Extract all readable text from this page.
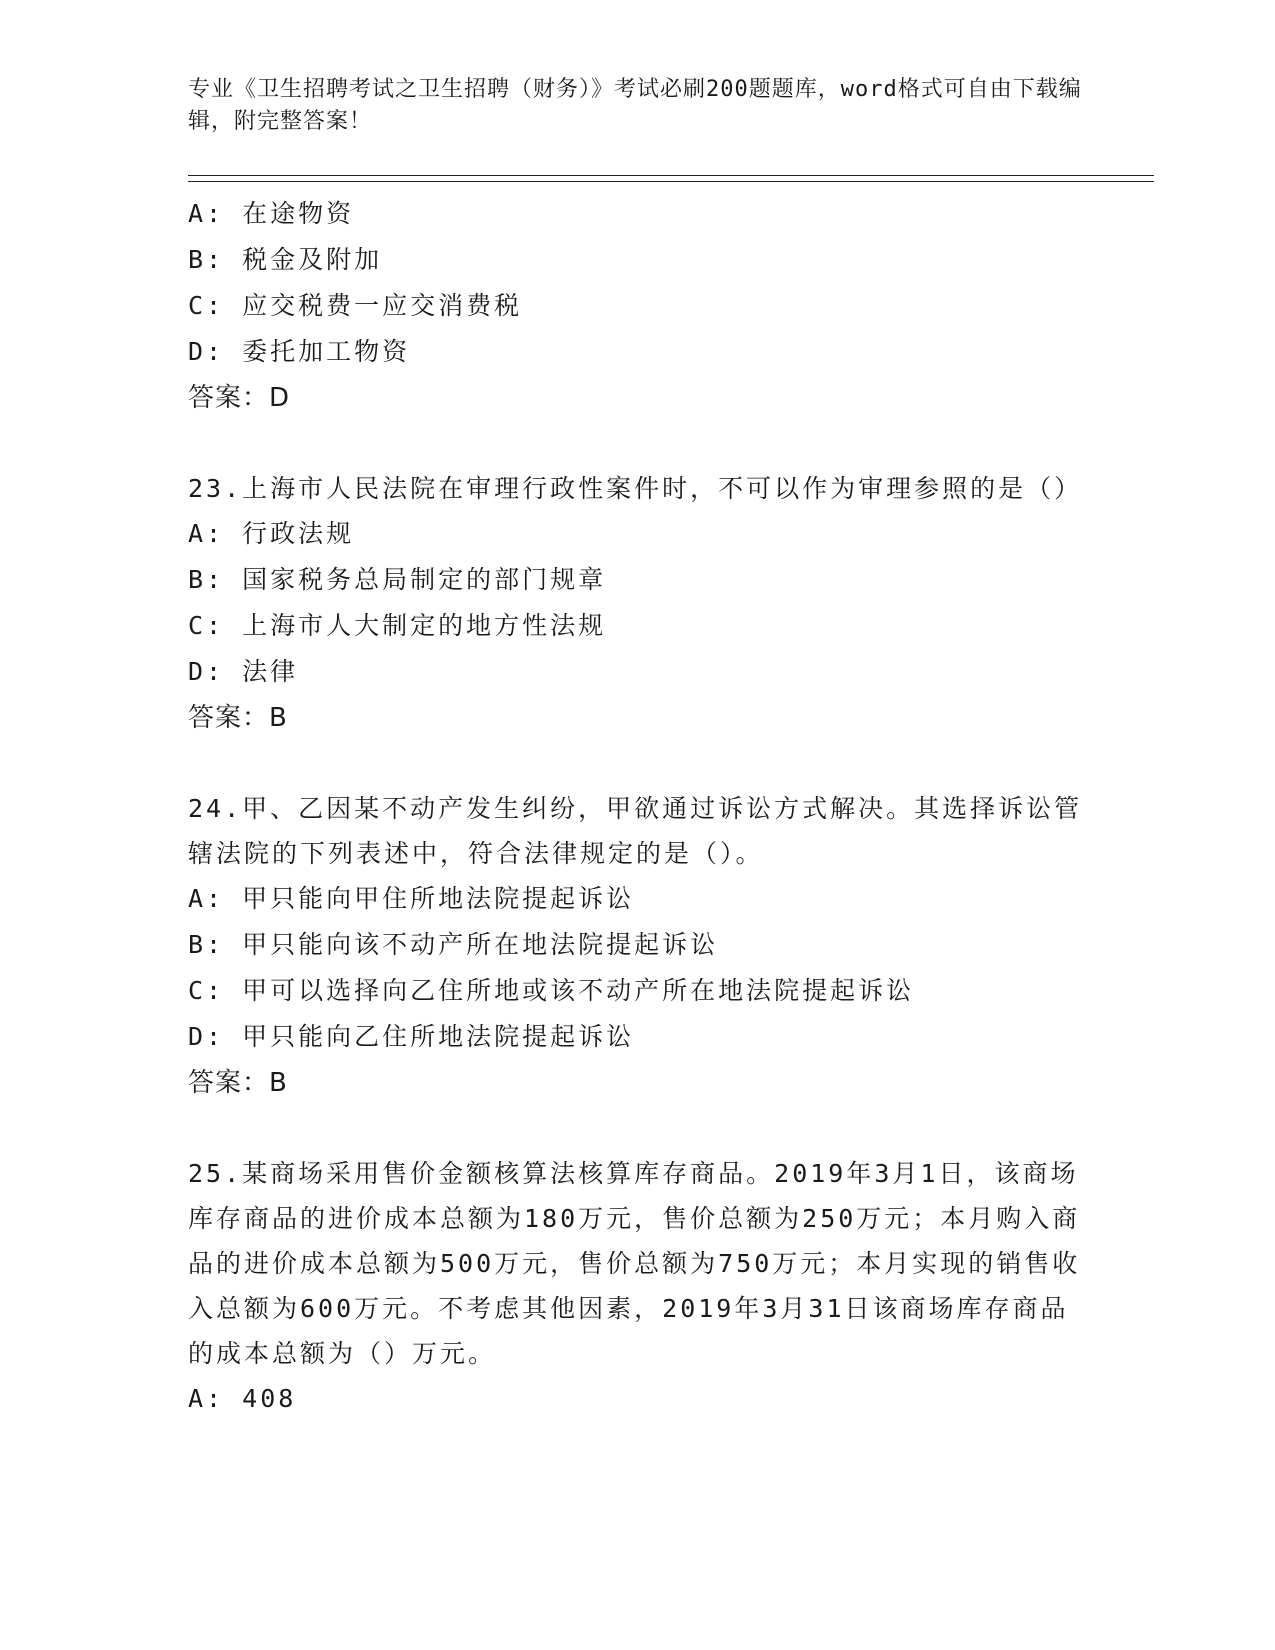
专业《卫生招聘考试之卫生招聘（财务）》考试必刷200题题库，word格式可自由下载编辑，附完整答案！
A: 在途物资
B: 税金及附加
C: 应交税费一应交消费税
D: 委托加工物资
答案：D
23.上海市人民法院在审理行政性案件时，不可以作为审理参照的是（）
A: 行政法规
B: 国家税务总局制定的部门规章
C: 上海市人大制定的地方性法规
D: 法律
答案：B
24.甲、乙因某不动产发生纠纷，甲欲通过诉讼方式解决。其选择诉讼管辖法院的下列表述中，符合法律规定的是（）。
A: 甲只能向甲住所地法院提起诉讼
B: 甲只能向该不动产所在地法院提起诉讼
C: 甲可以选择向乙住所地或该不动产所在地法院提起诉讼
D: 甲只能向乙住所地法院提起诉讼
答案：B
25.某商场采用售价金额核算法核算库存商品。2019年3月1日，该商场库存商品的进价成本总额为180万元，售价总额为250万元；本月购入商品的进价成本总额为500万元，售价总额为750万元；本月实现的销售收入总额为600万元。不考虑其他因素，2019年3月31日该商场库存商品的成本总额为（）万元。
A: 408
